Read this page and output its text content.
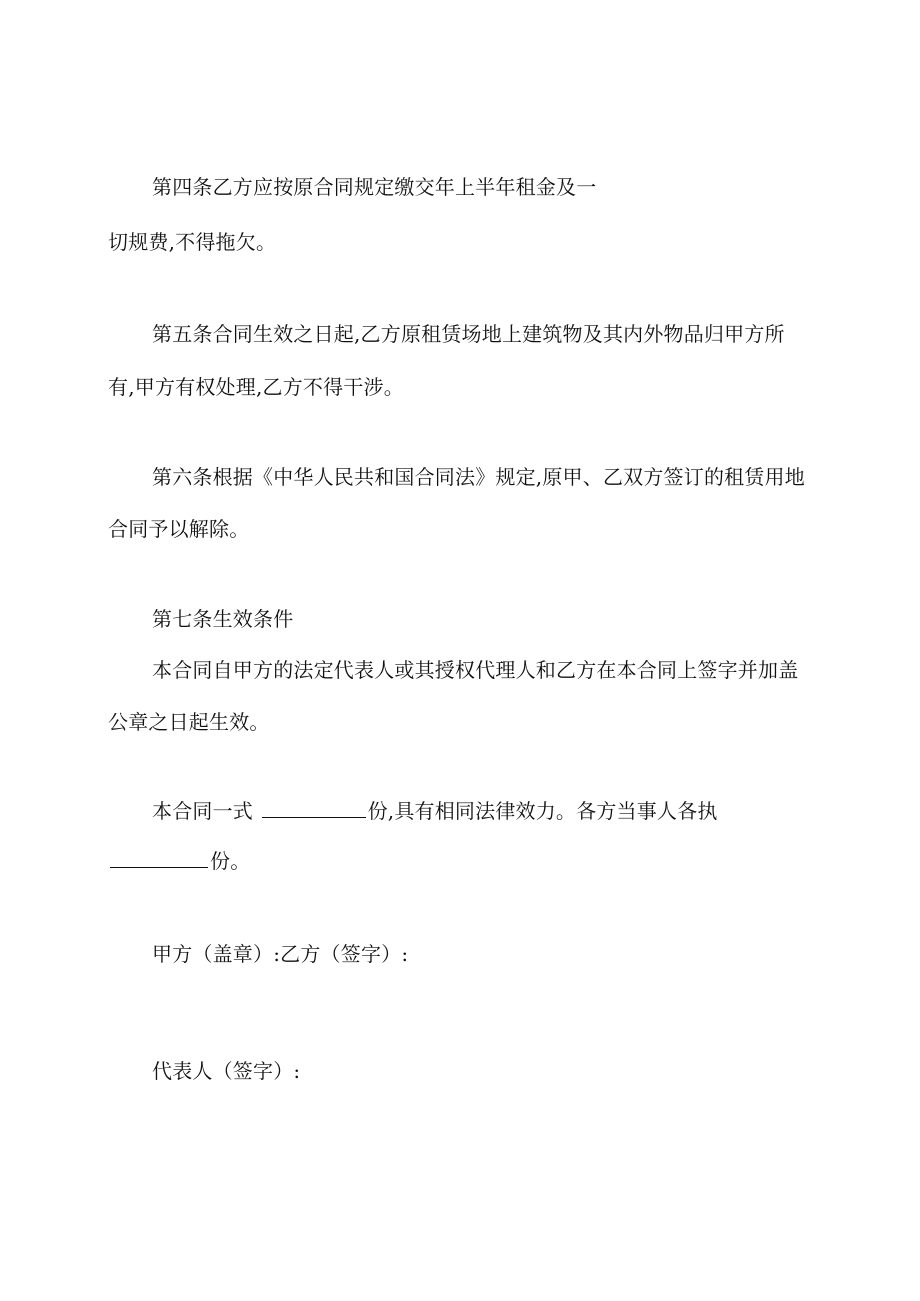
第四条乙方应按原合同规定缴交年上半年租金及一
切规费,不得拖欠。
第五条合同生效之日起,乙方原租赁场地上建筑物及其内外物品归甲方所
有,甲方有权处理,乙方不得干涉。
第六条根据《中华人民共和国合同法》规定,原甲、乙双方签订的租赁用地
合同予以解除。
第七条生效条件
本合同自甲方的法定代表人或其授权代理人和乙方在本合同上签字并加盖
公章之日起生效。
本合同一式	份,具有相同法律效力。各方当事人各执
份。
甲方（盖章）:乙方（签字）:
代表人（签字）:
